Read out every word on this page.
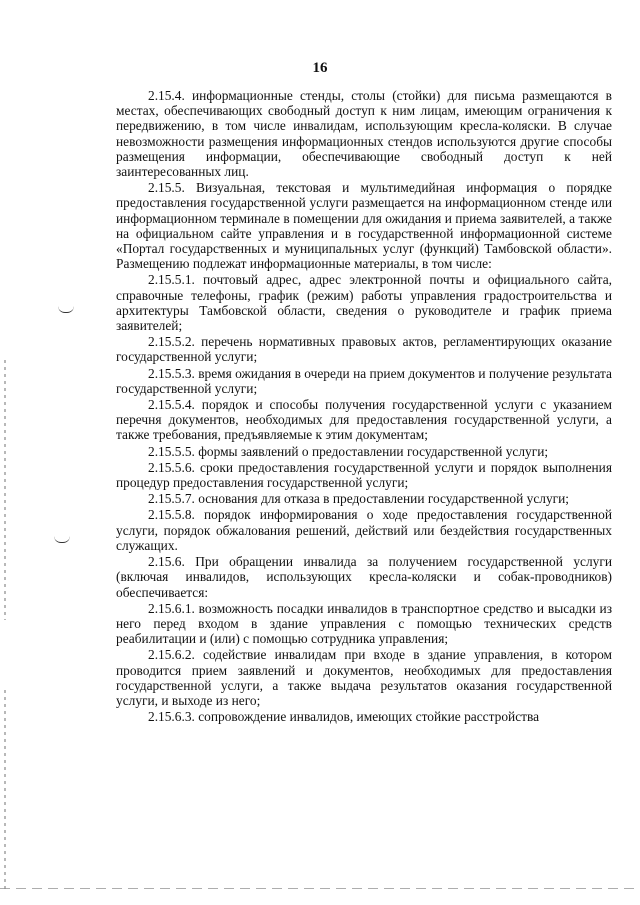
16

2.15.4. информационные стенды, столы (стойки) для письма размещаются в местах, обеспечивающих свободный доступ к ним лицам, имеющим ограничения к передвижению, в том числе инвалидам, использующим кресла-коляски. В случае невозможности размещения информационных стендов используются другие способы размещения информации, обеспечивающие свободный доступ к ней заинтересованных лиц.

2.15.5. Визуальная, текстовая и мультимедийная информация о порядке предоставления государственной услуги размещается на информационном стенде или информационном терминале в помещении для ожидания и приема заявителей, а также на официальном сайте управления и в государственной информационной системе «Портал государственных и муниципальных услуг (функций) Тамбовской области». Размещению подлежат информационные материалы, в том числе:

2.15.5.1. почтовый адрес, адрес электронной почты и официального сайта, справочные телефоны, график (режим) работы управления градостроительства и архитектуры Тамбовской области, сведения о руководителе и график приема заявителей;

2.15.5.2. перечень нормативных правовых актов, регламентирующих оказание государственной услуги;

2.15.5.3. время ожидания в очереди на прием документов и получение результата государственной услуги;

2.15.5.4. порядок и способы получения государственной услуги с указанием перечня документов, необходимых для предоставления государственной услуги, а также требования, предъявляемые к этим документам;

2.15.5.5. формы заявлений о предоставлении государственной услуги;

2.15.5.6. сроки предоставления государственной услуги и порядок выполнения процедур предоставления государственной услуги;

2.15.5.7. основания для отказа в предоставлении государственной услуги;

2.15.5.8. порядок информирования о ходе предоставления государственной услуги, порядок обжалования решений, действий или бездействия государственных служащих.

2.15.6. При обращении инвалида за получением государственной услуги (включая инвалидов, использующих кресла-коляски и собак-проводников) обеспечивается:

2.15.6.1. возможность посадки инвалидов в транспортное средство и высадки из него перед входом в здание управления с помощью технических средств реабилитации и (или) с помощью сотрудника управления;

2.15.6.2. содействие инвалидам при входе в здание управления, в котором проводится прием заявлений и документов, необходимых для предоставления государственной услуги, а также выдача результатов оказания государственной услуги, и выходе из него;

2.15.6.3. сопровождение инвалидов, имеющих стойкие расстройства
